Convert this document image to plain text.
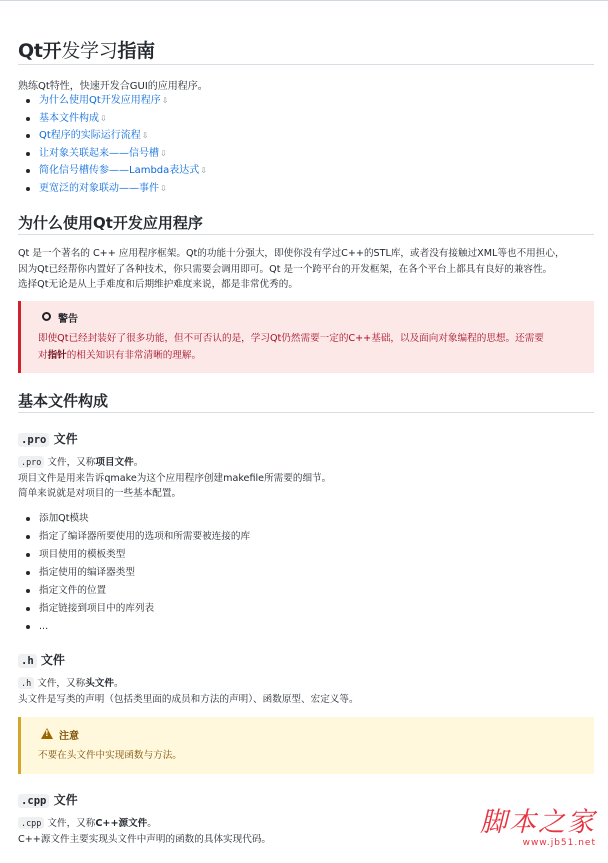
Qt开发学习指南
熟练Qt特性，快速开发合GUI的应用程序。
为什么使用Qt开发应用程序⇩
基本文件构成⇩
Qt程序的实际运行流程⇩
让对象关联起来——信号槽⇩
简化信号槽传参——Lambda表达式⇩
更宽泛的对象联动——事件⇩
为什么使用Qt开发应用程序

Qt 是一个著名的 C++ 应用程序框架。Qt的功能十分强大，即使你没有学过C++的STL库，或者没有接触过XML等也不用担心，

因为Qt已经帮你内置好了各种技术，你只需要会调用即可。Qt 是一个跨平台的开发框架，在各个平台上都具有良好的兼容性。

选择Qt无论是从上手难度和后期维护难度来说，都是非常优秀的。

警告
即使Qt已经封装好了很多功能，但不可否认的是，学习Qt仍然需要一定的C++基础，以及面向对象编程的思想。还需要
对指针的相关知识有非常清晰的理解。
基本文件构成
.pro 文件

.pro 文件，又称项目文件。

项目文件是用来告诉qmake为这个应用程序创建makefile所需要的细节。

简单来说就是对项目的一些基本配置。

添加Qt模块
指定了编译器所要使用的选项和所需要被连接的库
项目使用的模板类型
指定使用的编译器类型
指定文件的位置
指定链接到项目中的库列表
...
.h 文件

.h 文件，又称头文件。

头文件是写类的声明（包括类里面的成员和方法的声明）、函数原型、宏定义等。

!
注意
不要在头文件中实现函数与方法。
.cpp 文件

.cpp 文件，又称C++源文件。

C++源文件主要实现头文件中声明的函数的具体实现代码。

脚本之家
www.jb51.net
